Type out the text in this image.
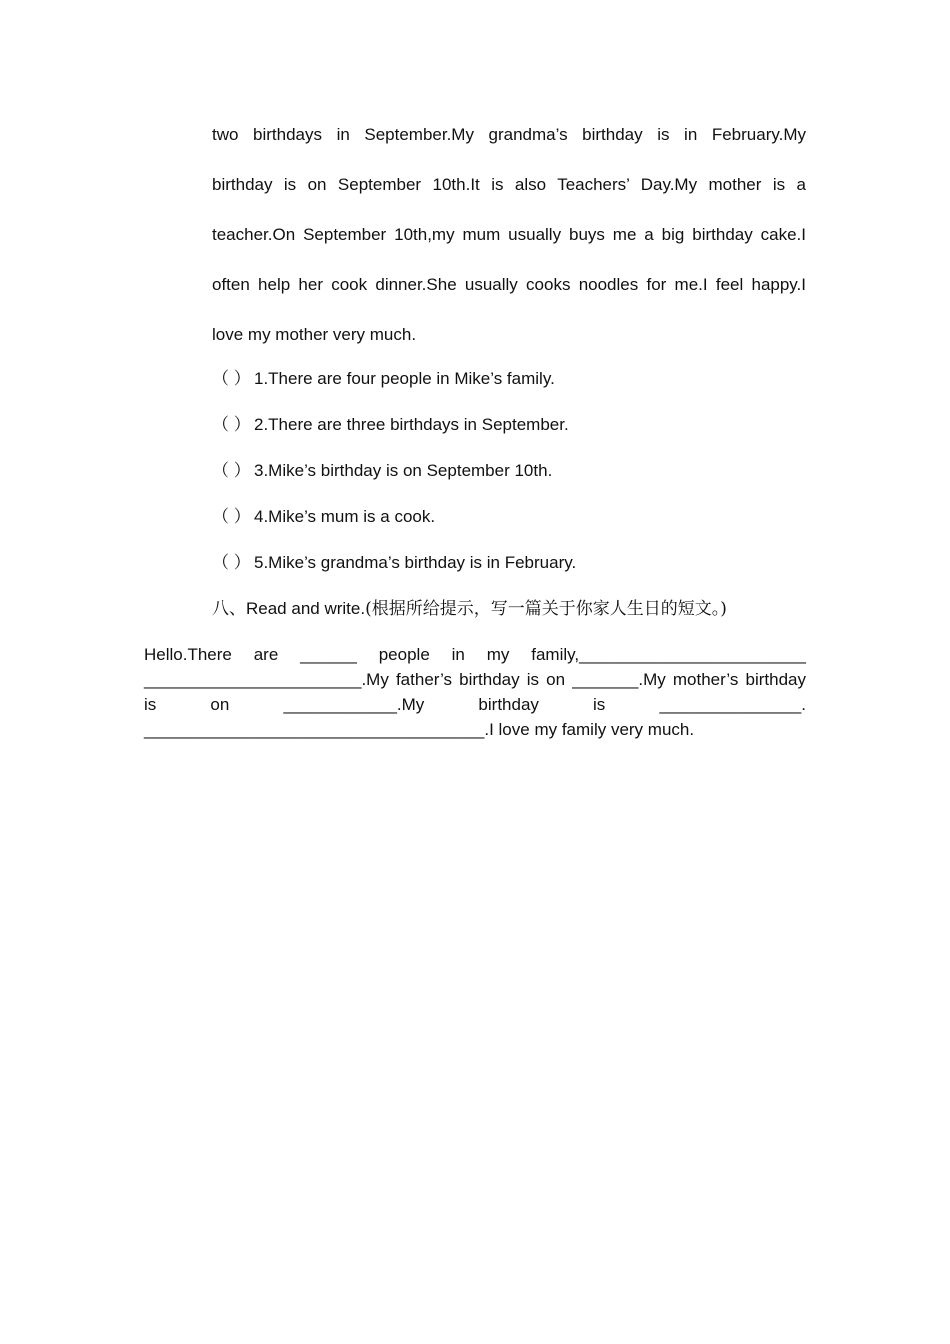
two birthdays in September.My grandma’s birthday is in February.My
birthday is on September 10th.It is also Teachers’ Day.My mother is a
teacher.On September 10th,my mum usually buys me a big birthday cake.I
often help her cook dinner.She usually cooks noodles for me.I feel happy.I
love my mother very much.
（ ） 1.There are four people in Mike’s family.
（ ） 2.There are three birthdays in September.
（ ） 3.Mike’s birthday is on September 10th.
（ ） 4.Mike’s mum is a cook.
（ ） 5.Mike’s grandma’s birthday is in February.
八、Read and write.(根据所给提示，写一篇关于你家人生日的短文。)
Hello.There are ______ people in my family,________________________
_______________________.My father’s birthday is on _______.My mother’s birthday
is on ____________.My birthday is _______________.
____________________________________.I love my family very much.
